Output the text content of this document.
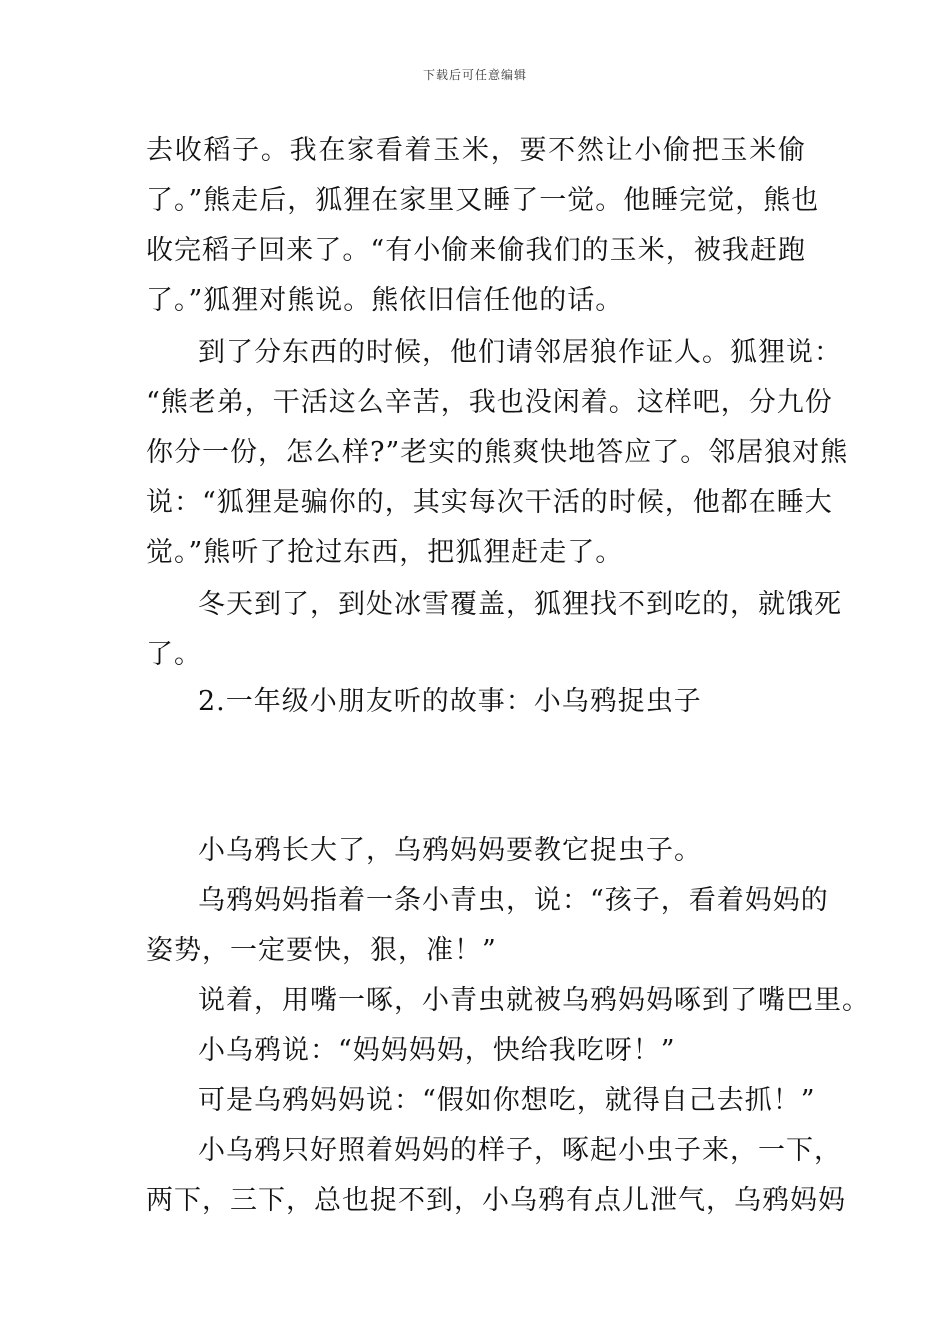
下载后可任意编辑
去收稻子。我在家看着玉米，要不然让小偷把玉米偷
了。”熊走后，狐狸在家里又睡了一觉。他睡完觉，熊也
收完稻子回来了。“有小偷来偷我们的玉米，被我赶跑
了。”狐狸对熊说。熊依旧信任他的话。
到了分东西的时候，他们请邻居狼作证人。狐狸说：
“熊老弟，干活这么辛苦，我也没闲着。这样吧，分九份
你分一份，怎么样?”老实的熊爽快地答应了。邻居狼对熊
说：“狐狸是骗你的，其实每次干活的时候，他都在睡大
觉。”熊听了抢过东西，把狐狸赶走了。
冬天到了，到处冰雪覆盖，狐狸找不到吃的，就饿死
了。
2.一年级小朋友听的故事：小乌鸦捉虫子
小乌鸦长大了，乌鸦妈妈要教它捉虫子。
乌鸦妈妈指着一条小青虫，说：“孩子，看着妈妈的
姿势，一定要快，狠，准！”
说着，用嘴一啄，小青虫就被乌鸦妈妈啄到了嘴巴里。
小乌鸦说：“妈妈妈妈，快给我吃呀！”
可是乌鸦妈妈说：“假如你想吃，就得自己去抓！”
小乌鸦只好照着妈妈的样子，啄起小虫子来，一下，
两下，三下，总也捉不到，小乌鸦有点儿泄气，乌鸦妈妈
